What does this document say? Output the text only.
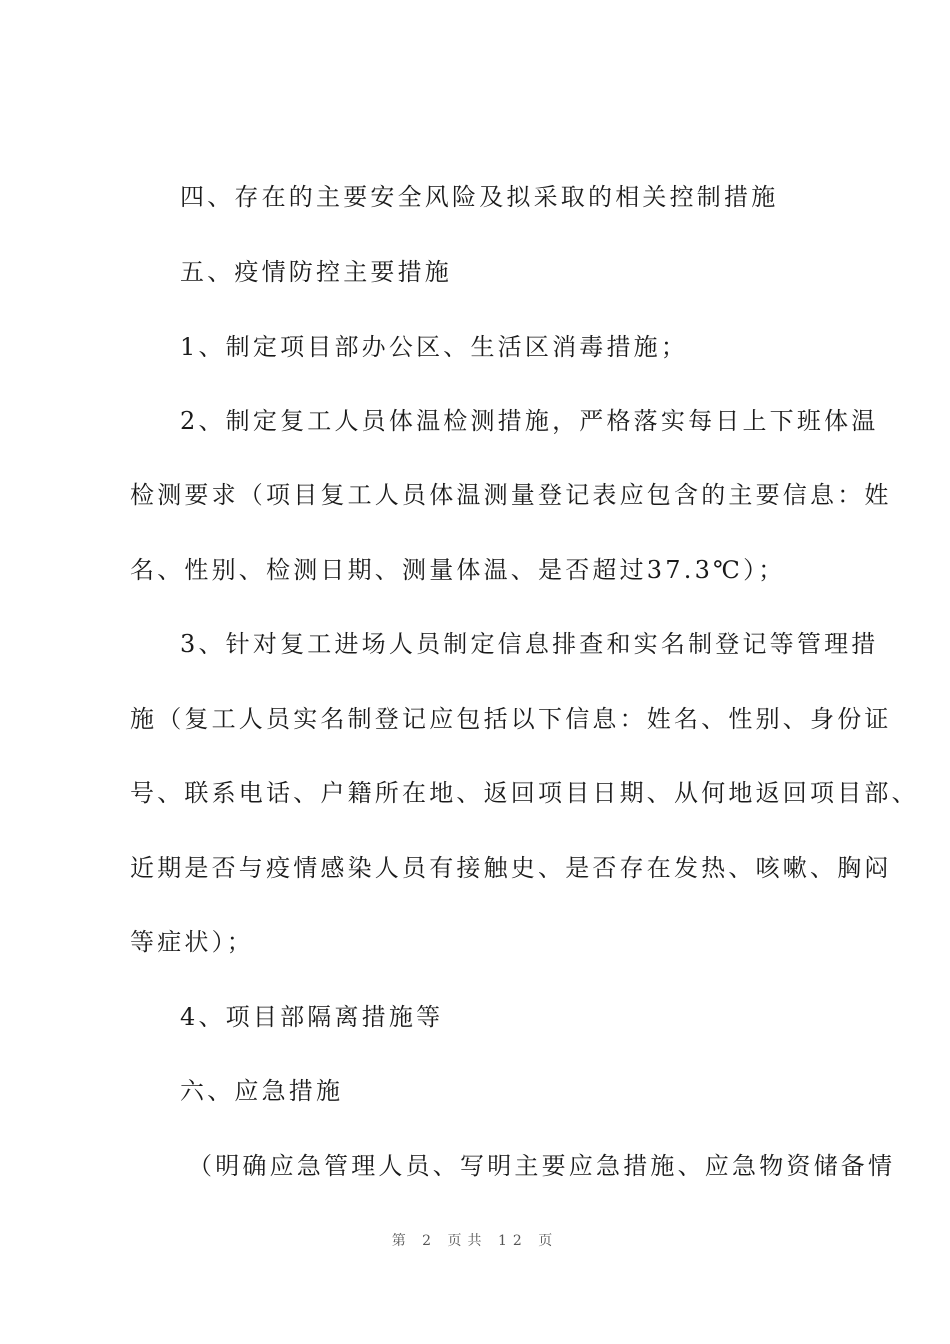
四、存在的主要安全风险及拟采取的相关控制措施
五、疫情防控主要措施
1、制定项目部办公区、生活区消毒措施；
2、制定复工人员体温检测措施，严格落实每日上下班体温
检测要求（项目复工人员体温测量登记表应包含的主要信息：姓
名、性别、检测日期、测量体温、是否超过37.3℃）；
3、针对复工进场人员制定信息排查和实名制登记等管理措
施（复工人员实名制登记应包括以下信息：姓名、性别、身份证
号、联系电话、户籍所在地、返回项目日期、从何地返回项目部、
近期是否与疫情感染人员有接触史、是否存在发热、咳嗽、胸闷
等症状）；
4、项目部隔离措施等
六、应急措施
（明确应急管理人员、写明主要应急措施、应急物资储备情
第 2 页共 12 页
